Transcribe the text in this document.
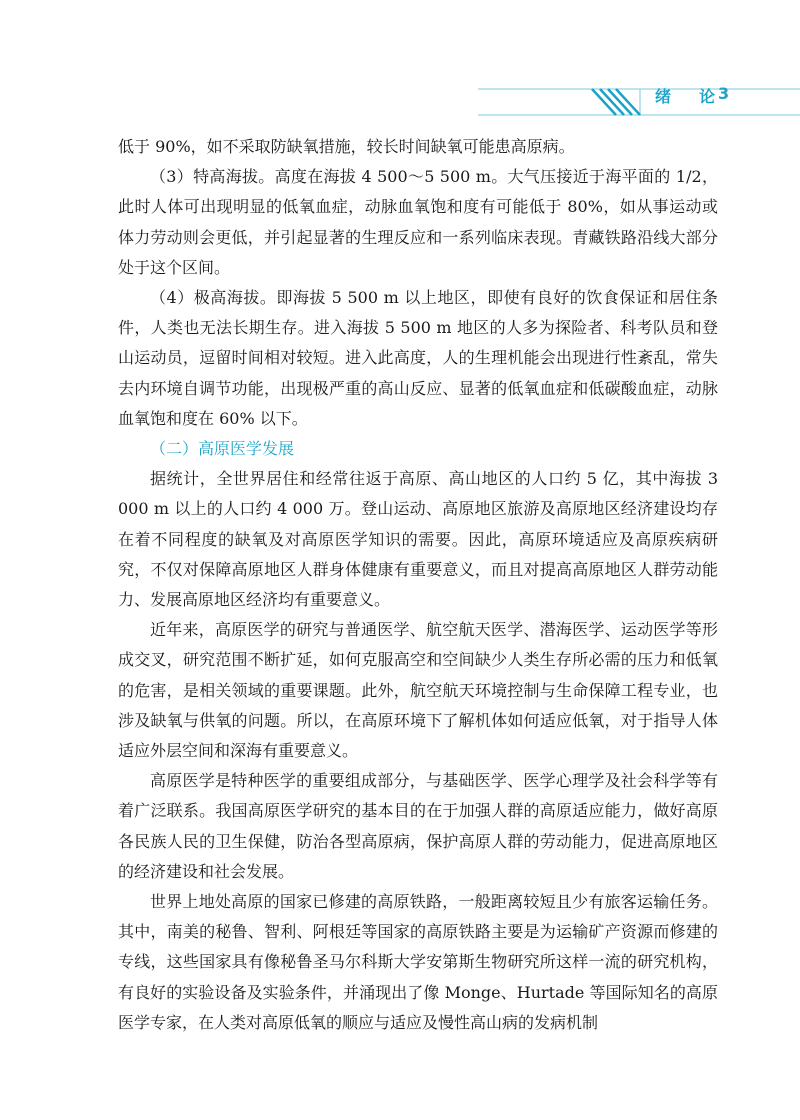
绪　论
3

低于 90%，如不采取防缺氧措施，较长时间缺氧可能患高原病。

（3）特高海拔。高度在海拔 4 500～5 500 m。大气压接近于海平面的 1/2，此时人体可出现明显的低氧血症，动脉血氧饱和度有可能低于 80%，如从事运动或体力劳动则会更低，并引起显著的生理反应和一系列临床表现。青藏铁路沿线大部分处于这个区间。

（4）极高海拔。即海拔 5 500 m 以上地区，即使有良好的饮食保证和居住条件，人类也无法长期生存。进入海拔 5 500 m 地区的人多为探险者、科考队员和登山运动员，逗留时间相对较短。进入此高度，人的生理机能会出现进行性紊乱，常失去内环境自调节功能，出现极严重的高山反应、显著的低氧血症和低碳酸血症，动脉血氧饱和度在 60% 以下。

（二）高原医学发展

据统计，全世界居住和经常往返于高原、高山地区的人口约 5 亿，其中海拔 3 000 m 以上的人口约 4 000 万。登山运动、高原地区旅游及高原地区经济建设均存在着不同程度的缺氧及对高原医学知识的需要。因此，高原环境适应及高原疾病研究，不仅对保障高原地区人群身体健康有重要意义，而且对提高高原地区人群劳动能力、发展高原地区经济均有重要意义。

近年来，高原医学的研究与普通医学、航空航天医学、潜海医学、运动医学等形成交叉，研究范围不断扩延，如何克服高空和空间缺少人类生存所必需的压力和低氧的危害，是相关领域的重要课题。此外，航空航天环境控制与生命保障工程专业，也涉及缺氧与供氧的问题。所以，在高原环境下了解机体如何适应低氧，对于指导人体适应外层空间和深海有重要意义。

高原医学是特种医学的重要组成部分，与基础医学、医学心理学及社会科学等有着广泛联系。我国高原医学研究的基本目的在于加强人群的高原适应能力，做好高原各民族人民的卫生保健，防治各型高原病，保护高原人群的劳动能力，促进高原地区的经济建设和社会发展。

世界上地处高原的国家已修建的高原铁路，一般距离较短且少有旅客运输任务。其中，南美的秘鲁、智利、阿根廷等国家的高原铁路主要是为运输矿产资源而修建的专线，这些国家具有像秘鲁圣马尔科斯大学安第斯生物研究所这样一流的研究机构，有良好的实验设备及实验条件，并涌现出了像 Monge、Hurtade 等国际知名的高原医学专家，在人类对高原低氧的顺应与适应及慢性高山病的发病机制
